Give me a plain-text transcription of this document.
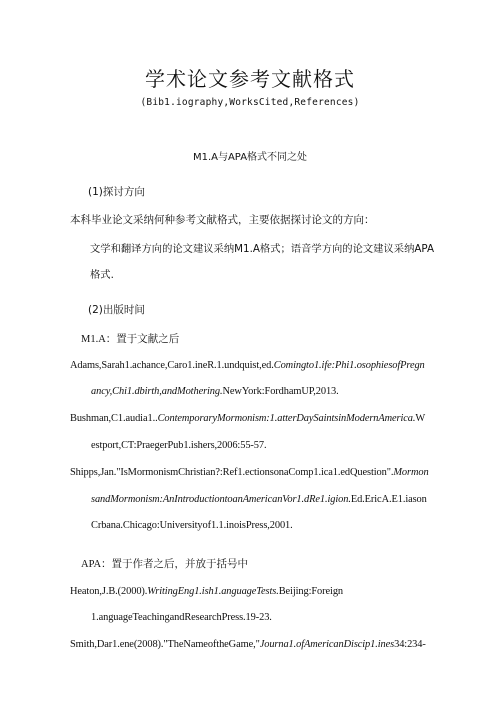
学术论文参考文献格式
(Bib1.iography,WorksCited,References)
M1.A与APA格式不同之处
(1)探讨方向
本科毕业论文采纳何种参考文献格式，主要依据探讨论文的方向：
文学和翻译方向的论文建议采纳M1.A格式；语音学方向的论文建议采纳APA
格式.
(2)出版时间
M1.A：置于文献之后
Adams,Sarah1.achance,Caro1.ineR.1.undquist,ed.Comingto1.ife:Phi1.osophiesofPregn
ancy,Chi1.dbirth,andMothering.NewYork:FordhamUP,2013.
Bushman,C1.audia1..ContemporaryMormonism:1.atterDaySaintsinModernAmerica.W
estport,CT:PraegerPub1.ishers,2006:55-57.
Shipps,Jan."IsMormonismChristian?:Ref1.ectionsonaComp1.ica1.edQuestion".Mormon
sandMormonism:AnIntroductiontoanAmericanVor1.dRe1.igion.Ed.EricA.E1.iason
Crbana.Chicago:Universityof1.1.inoisPress,2001.
APA：置于作者之后，并放于括号中
Heaton,J.B.(2000).WritingEng1.ish1.anguageTests.Beijing:Foreign
1.anguageTeachingandResearchPress.19-23.
Smith,Dar1.ene(2008)."TheNameoftheGame,"Journa1.ofAmericanDiscip1.ines34:234-
